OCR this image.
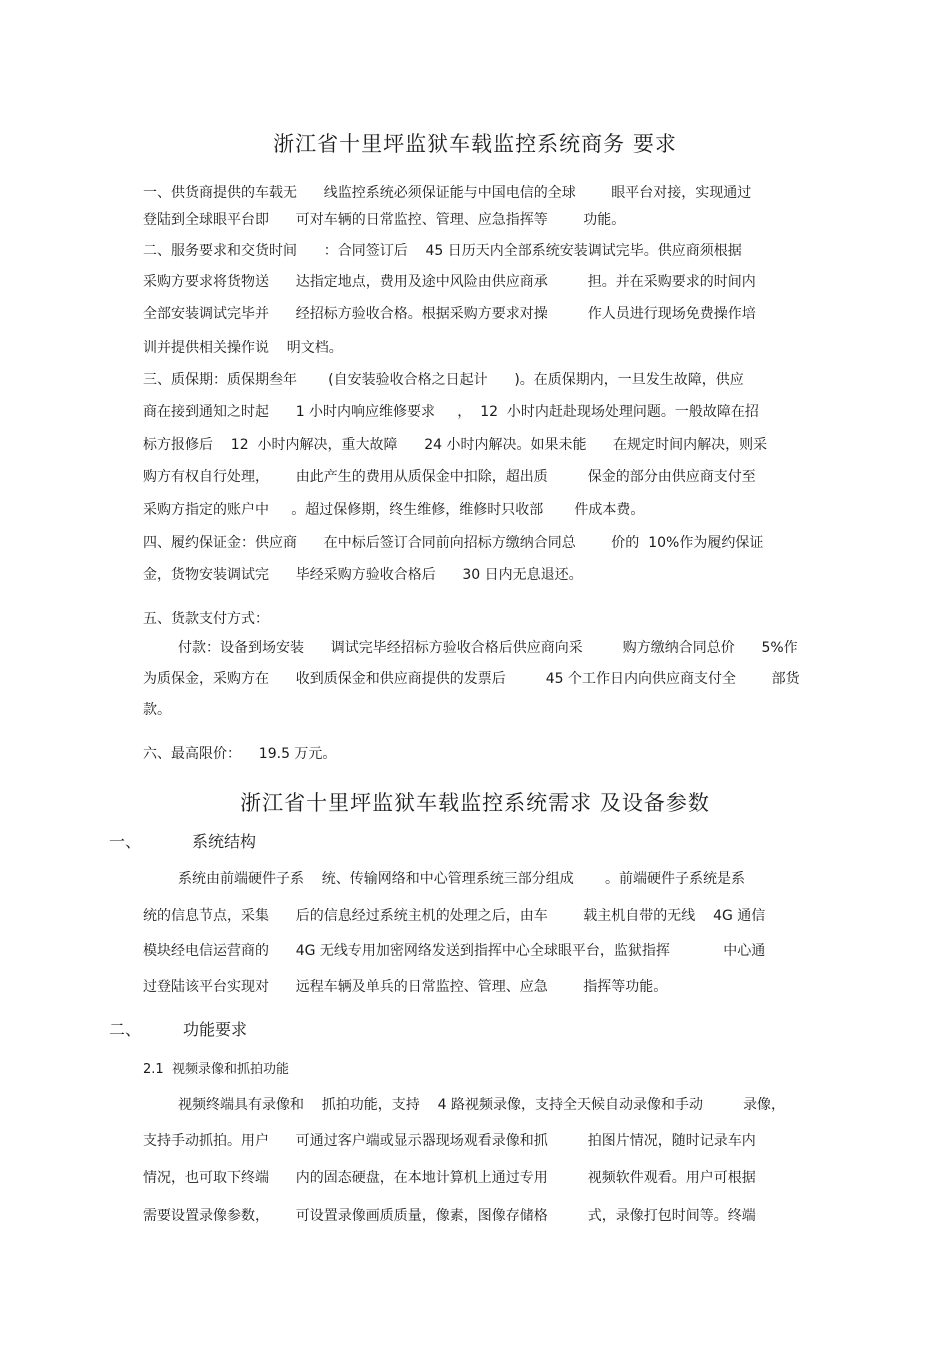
浙江省十里坪监狱车载监控系统商务 要求
一、供货商提供的车载无      线监控系统必须保证能与中国电信的全球        眼平台对接，实现通过
登陆到全球眼平台即      可对车辆的日常监控、管理、应急指挥等        功能。
二、服务要求和交货时间      ：合同签订后    45 日历天内全部系统安装调试完毕。供应商须根据
采购方要求将货物送      达指定地点，费用及途中风险由供应商承         担。并在采购要求的时间内
全部安装调试完毕并      经招标方验收合格。根据采购方要求对操         作人员进行现场免费操作培
训并提供相关操作说    明文档。
三、质保期：质保期叁年       (自安装验收合格之日起计      )。在质保期内，一旦发生故障，供应
商在接到通知之时起      1 小时内响应维修要求     ，  12  小时内赶赴现场处理问题。一般故障在招
标方报修后    12  小时内解决，重大故障      24 小时内解决。如果未能      在规定时间内解决，则采
购方有权自行处理，      由此产生的费用从质保金中扣除，超出质         保金的部分由供应商支付至
采购方指定的账户中     。超过保修期，终生维修，维修时只收部       件成本费。
四、履约保证金：供应商      在中标后签订合同前向招标方缴纳合同总        价的  10%作为履约保证
金，货物安装调试完      毕经采购方验收合格后      30 日内无息退还。
五、货款支付方式：
付款：设备到场安装      调试完毕经招标方验收合格后供应商向采         购方缴纳合同总价      5%作
为质保金，采购方在      收到质保金和供应商提供的发票后         45 个工作日内向供应商支付全        部货
款。
六、最高限价：    19.5 万元。
浙江省十里坪监狱车载监控系统需求 及设备参数
一、	系统结构
系统由前端硬件子系    统、传输网络和中心管理系统三部分组成       。前端硬件子系统是系
统的信息节点，采集      后的信息经过系统主机的处理之后，由车        载主机自带的无线    4G 通信
模块经电信运营商的      4G 无线专用加密网络发送到指挥中心全球眼平台，监狱指挥            中心通
过登陆该平台实现对      远程车辆及单兵的日常监控、管理、应急        指挥等功能。
二、	功能要求
2.1  视频录像和抓拍功能
视频终端具有录像和    抓拍功能，支持    4 路视频录像，支持全天候自动录像和手动         录像，
支持手动抓拍。用户      可通过客户端或显示器现场观看录像和抓         拍图片情况，随时记录车内
情况，也可取下终端      内的固态硬盘，在本地计算机上通过专用         视频软件观看。用户可根据
需要设置录像参数，      可设置录像画质质量，像素，图像存储格         式，录像打包时间等。终端
